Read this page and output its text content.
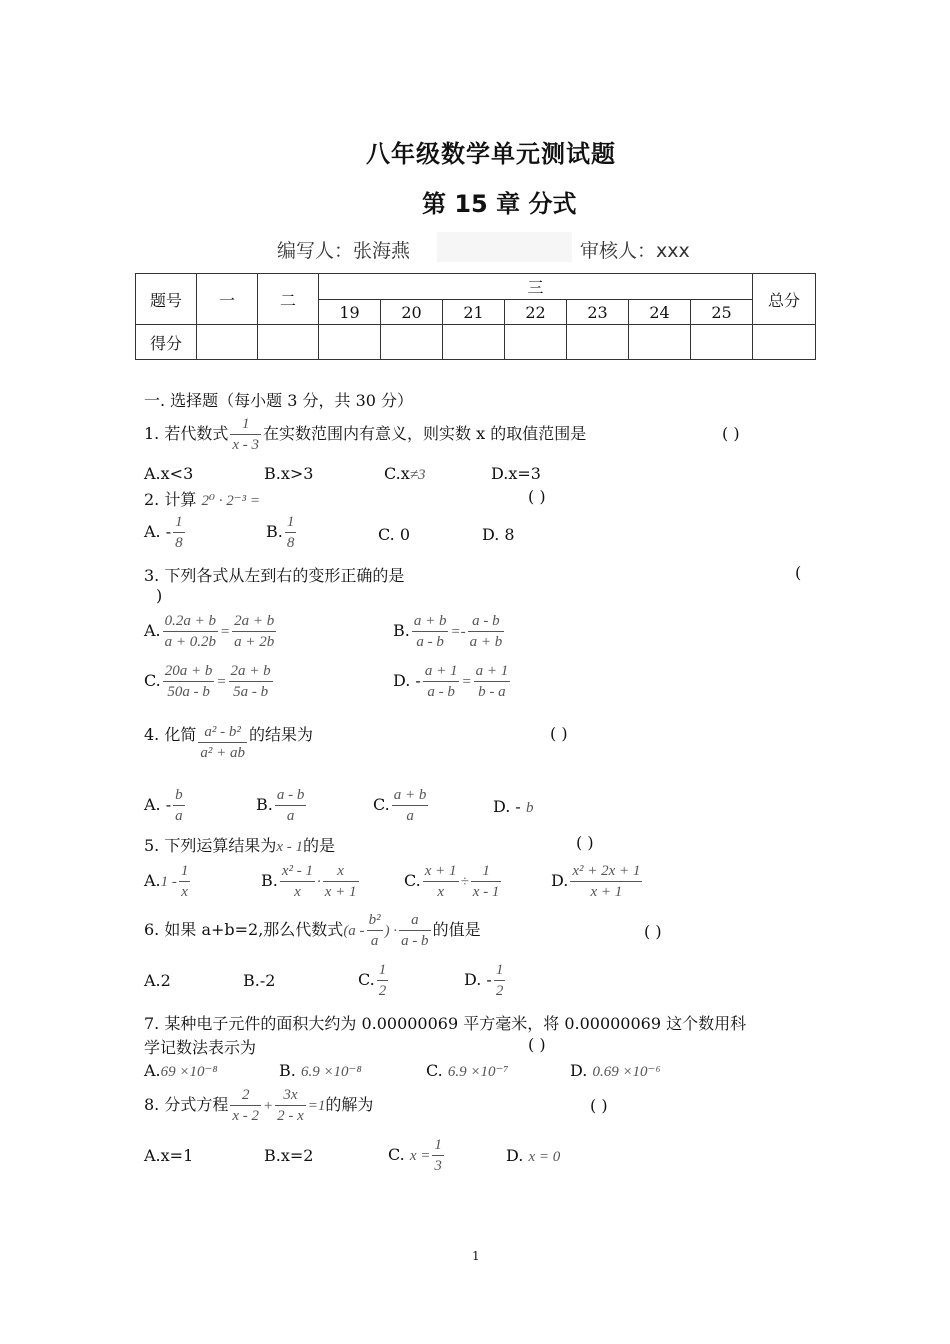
八年级数学单元测试题
第 15 章 分式
编写人：张海燕	审核人：xxx
题号	一	二	三							总分
			19	20	21	22	23	24	25	
得分										
一. 选择题（每小题 3 分，共 30 分）
1. 若代数式 $\frac{1}{x - 3}$ 在实数范围内有意义，则实数 x 的取值范围是	( )
A.x<3	B.x>3	C.x≠3	D.x=3
2. 计算 2⁰ · 2⁻³ =	( )
A. - $\frac{1}{8}$	B. $\frac{1}{8}$	C. 0	D. 8
3. 下列各式从左到右的变形正确的是	(
)
A. $\frac{0.2a + b}{a + 0.2b} = \frac{2a + b}{a + 2b}$	B. $\frac{a + b}{a - b} =- \frac{a - b}{a + b}$
C. $\frac{20a + b}{50a - b} = \frac{2a + b}{5a - b}$	D. - $\frac{a + 1}{a - b} = \frac{a + 1}{b - a}$
4. 化简 $\frac{\text{a² - b²}}{\text{a² + ab}}$ 的结果为	( )
A. - $\frac{b}{a}$	B. $\frac{a - b}{a}$	C. $\frac{a + b}{a}$	D. - b
5. 下列运算结果为x - 1的是	( )
$A.1 - \frac{1}{x}$	B. $\frac{\text{x² - 1}}{x} \cdot \frac{x}{x + 1}$	C. $\frac{x + 1}{x} \div \frac{1}{x - 1}$	D. $\frac{\text{x² + 2x + 1}}{x + 1}$
6. 如果 a+b=2,那么代数式($a - \frac{\text{b²}}{a}$ ) · $\frac{a}{a - b}$ 的值是	( )
A.2	B.-2	C. $\frac{1}{2}$	D. - $\frac{1}{2}$
7. 某种电子元件的面积大约为 0.00000069 平方毫米，将 0.00000069 这个数用科
学记数法表示为	( )
A.69 ×10⁻⁸	B. 6.9 ×10⁻⁸	C. 6.9 ×10⁻⁷	D. 0.69 ×10⁻⁶
8. 分式方程 $\frac{2}{x - 2} + \frac{3x}{2 - x} =1$的解为	( )
A.x=1	B.x=2	C. $x = \frac{1}{3}$	D. x = 0
1
